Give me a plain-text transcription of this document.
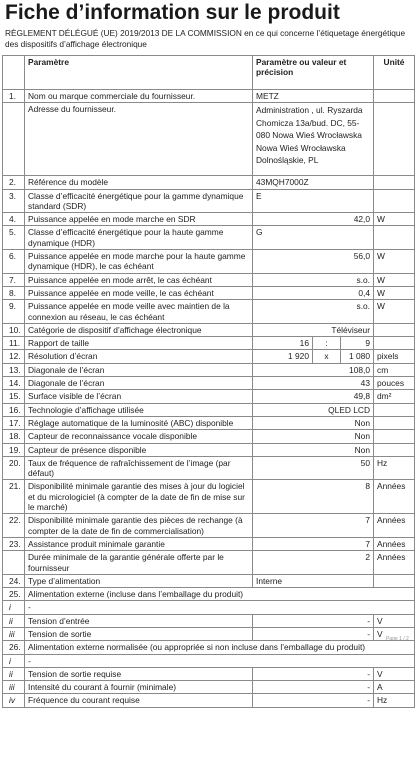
Fiche d’information sur le produit
RÈGLEMENT DÉLÉGUÉ (UE) 2019/2013 DE LA COMMISSION en ce qui concerne l’étiquetage énergétique des dispositifs d’affichage électronique
	Paramètre	Paramètre ou valeur et précision			Unité
1.	Nom ou marque commerciale du fournisseur.	METZ			
	Adresse du fournisseur.	Administration , ul. Ryszarda Chomicza 13a/bud. DC, 55-080 Nowa Wieś Wrocławska Nowa Wieś Wrocławska Dolnośląskie, PL			
2.	Référence du modèle	43MQH7000Z			
3.	Classe d’efficacité énergétique pour la gamme dynamique standard (SDR)	E			
4.	Puissance appelée en mode marche en SDR	42,0			W
5.	Classe d’efficacité énergétique pour la haute gamme dynamique (HDR)	G			
6.	Puissance appelée en mode marche pour la haute gamme dynamique (HDR), le cas échéant	56,0			W
7.	Puissance appelée en mode arrêt, le cas échéant	s.o.			W
8.	Puissance appelée en mode veille, le cas échéant	0,4			W
9.	Puissance appelée en mode veille avec maintien de la connexion au réseau, le cas échéant	s.o.			W
10.	Catégorie de dispositif d’affichage électronique	Téléviseur			
11.	Rapport de taille	16	:	9	
12.	Résolution d’écran	1 920	x	1 080	pixels
13.	Diagonale de l’écran	108,0			cm
14.	Diagonale de l’écran	43			pouces
15.	Surface visible de l’écran	49,8			dm²
16.	Technologie d’affichage utilisée	QLED LCD			
17.	Réglage automatique de la luminosité (ABC) disponible	Non			
18.	Capteur de reconnaissance vocale disponible	Non			
19.	Capteur de présence disponible	Non			
20.	Taux de fréquence de rafraîchissement de l’image (par défaut)	50			Hz
21.	Disponibilité minimale garantie des mises à jour du logiciel et du micrologiciel (à compter de la date de fin de mise sur le marché)	8			Années
22.	Disponibilité minimale garantie des pièces de rechange (à compter de la date de fin de commercialisation)	7			Années
23.	Assistance produit minimale garantie	7			Années
	Durée minimale de la garantie générale offerte par le fournisseur	2			Années
24.	Type d’alimentation	Interne			
25.	Alimentation externe (incluse dans l’emballage du produit)				
i	-				
ii	Tension d’entrée	-			V
iii	Tension de sortie	-			V
26.	Alimentation externe normalisée (ou appropriée si non incluse dans l’emballage du produit)				
i	-				
ii	Tension de sortie requise	-			V
iii	Intensité du courant à fournir (minimale)	-			A
iv	Fréquence du courant requise	-			Hz
Page 1 / 2
